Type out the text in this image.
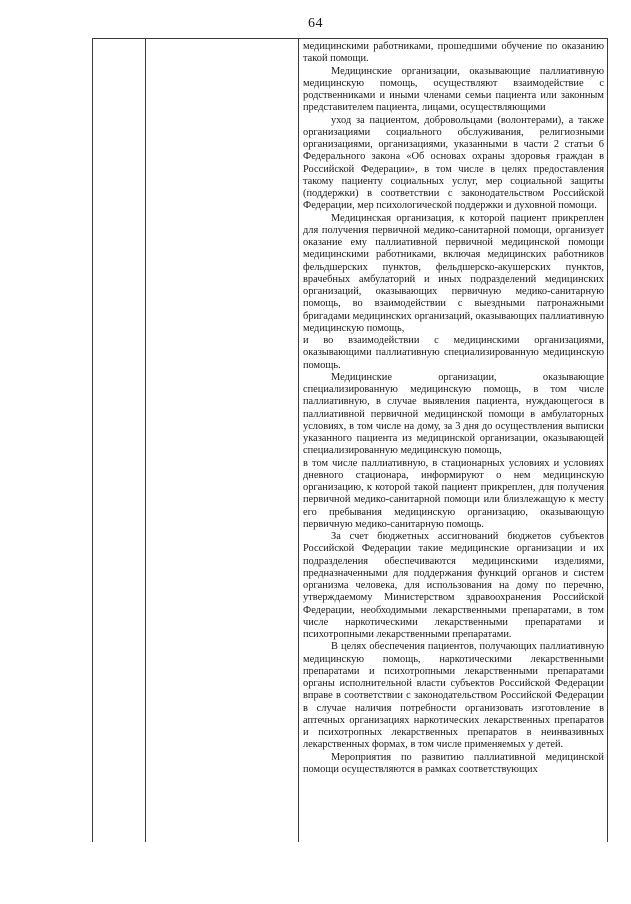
64

медицинскими работниками, прошедшими обучение по оказанию такой помощи.

Медицинские организации, оказывающие паллиативную медицинскую помощь, осуществляют взаимодействие с родственниками и иными членами семьи пациента или законным представителем пациента, лицами, осуществляющими

уход за пациентом, добровольцами (волонтерами), а также организациями социального обслуживания, религиозными организациями, организациями, указанными в части 2 статьи 6 Федерального закона «Об основах охраны здоровья граждан в Российской Федерации», в том числе в целях предоставления такому пациенту социальных услуг, мер социальной защиты (поддержки) в соответствии с законодательством Российской Федерации, мер психологической поддержки и духовной помощи.

Медицинская организация, к которой пациент прикреплен для получения первичной медико-санитарной помощи, организует оказание ему паллиативной первичной медицинской помощи медицинскими работниками, включая медицинских работников фельдшерских пунктов, фельдшерско-акушерских пунктов, врачебных амбулаторий и иных подразделений медицинских организаций, оказывающих первичную медико-санитарную помощь, во взаимодействии с выездными патронажными бригадами медицинских организаций, оказывающих паллиативную медицинскую помощь,

и во взаимодействии с медицинскими организациями, оказывающими паллиативную специализированную медицинскую помощь.

Медицинские организации, оказывающие специализированную медицинскую помощь, в том числе паллиативную, в случае выявления пациента, нуждающегося в паллиативной первичной медицинской помощи в амбулаторных условиях, в том числе на дому, за 3 дня до осуществления выписки указанного пациента из медицинской организации, оказывающей специализированную медицинскую помощь,

в том числе паллиативную, в стационарных условиях и условиях дневного стационара, информируют о нем медицинскую организацию, к которой такой пациент прикреплен, для получения первичной медико-санитарной помощи или близлежащую к месту его пребывания медицинскую организацию, оказывающую первичную медико-санитарную помощь.

За счет бюджетных ассигнований бюджетов субъектов Российской Федерации такие медицинские организации и их подразделения обеспечиваются медицинскими изделиями, предназначенными для поддержания функций органов и систем организма человека, для использования на дому по перечню, утверждаемому Министерством здравоохранения Российской Федерации, необходимыми лекарственными препаратами, в том числе наркотическими лекарственными препаратами и психотропными лекарственными препаратами.

В целях обеспечения пациентов, получающих паллиативную медицинскую помощь, наркотическими лекарственными препаратами и психотропными лекарственными препаратами органы исполнительной власти субъектов Российской Федерации вправе в соответствии с законодательством Российской Федерации в случае наличия потребности организовать изготовление в аптечных организациях наркотических лекарственных препаратов и психотропных лекарственных препаратов в неинвазивных лекарственных формах, в том числе применяемых у детей.

Мероприятия по развитию паллиативной медицинской помощи осуществляются в рамках соответствующих
